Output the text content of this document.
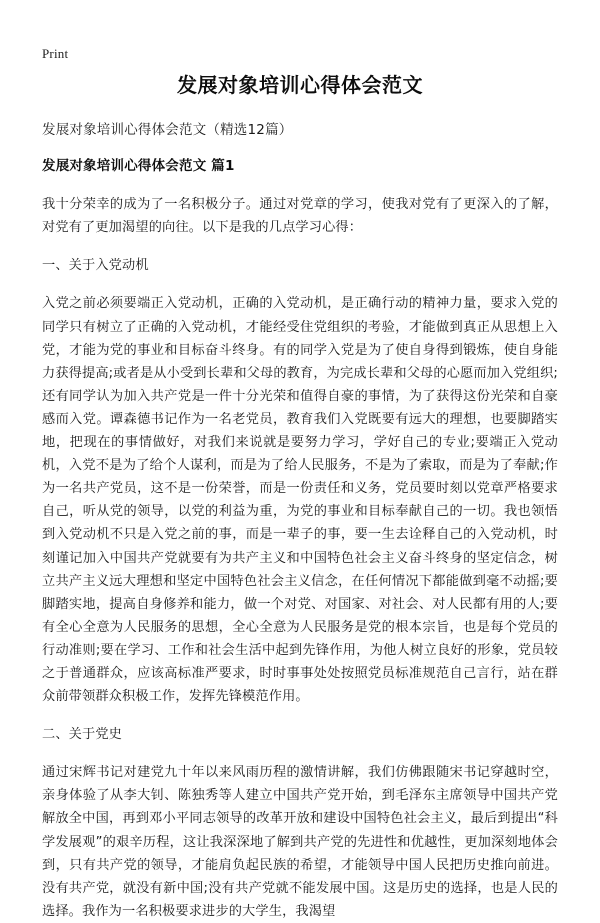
Print
发展对象培训心得体会范文
发展对象培训心得体会范文（精选12篇）
发展对象培训心得体会范文 篇1

我十分荣幸的成为了一名积极分子。通过对党章的学习，使我对党有了更深入的了解，对党有了更加渴望的向往。以下是我的几点学习心得：

一、关于入党动机

入党之前必须要端正入党动机，正确的入党动机，是正确行动的精神力量，要求入党的同学只有树立了正确的入党动机，才能经受住党组织的考验，才能做到真正从思想上入党，才能为党的事业和目标奋斗终身。有的同学入党是为了使自身得到锻炼，使自身能力获得提高;或者是从小受到长辈和父母的教育，为完成长辈和父母的心愿而加入党组织;还有同学认为加入共产党是一件十分光荣和值得自豪的事情，为了获得这份光荣和自豪感而入党。谭森德书记作为一名老党员，教育我们入党既要有远大的理想，也要脚踏实地，把现在的事情做好，对我们来说就是要努力学习，学好自己的专业;要端正入党动机，入党不是为了给个人谋利，而是为了给人民服务，不是为了索取，而是为了奉献;作为一名共产党员，这不是一份荣誉，而是一份责任和义务，党员要时刻以党章严格要求自己，听从党的领导，以党的利益为重，为党的事业和目标奉献自己的一切。我也领悟到入党动机不只是入党之前的事，而是一辈子的事，要一生去诠释自己的入党动机，时刻谨记加入中国共产党就要有为共产主义和中国特色社会主义奋斗终身的坚定信念，树立共产主义远大理想和坚定中国特色社会主义信念，在任何情况下都能做到毫不动摇;要脚踏实地，提高自身修养和能力，做一个对党、对国家、对社会、对人民都有用的人;要有全心全意为人民服务的思想，全心全意为人民服务是党的根本宗旨，也是每个党员的行动准则;要在学习、工作和社会生活中起到先锋作用，为他人树立良好的形象，党员较之于普通群众，应该高标准严要求，时时事事处处按照党员标准规范自己言行，站在群众前带领群众积极工作，发挥先锋模范作用。

二、关于党史

通过宋辉书记对建党九十年以来风雨历程的激情讲解，我们仿佛跟随宋书记穿越时空，亲身体验了从李大钊、陈独秀等人建立中国共产党开始，到毛泽东主席领导中国共产党解放全中国，再到邓小平同志领导的改革开放和建设中国特色社会主义，最后到提出“科学发展观”的艰辛历程，这让我深深地了解到共产党的先进性和优越性，更加深刻地体会到，只有共产党的领导，才能肩负起民族的希望，才能领导中国人民把历史推向前进。没有共产党，就没有新中国;没有共产党就不能发展中国。这是历史的选择，也是人民的选择。我作为一名积极要求进步的大学生，我渴望
